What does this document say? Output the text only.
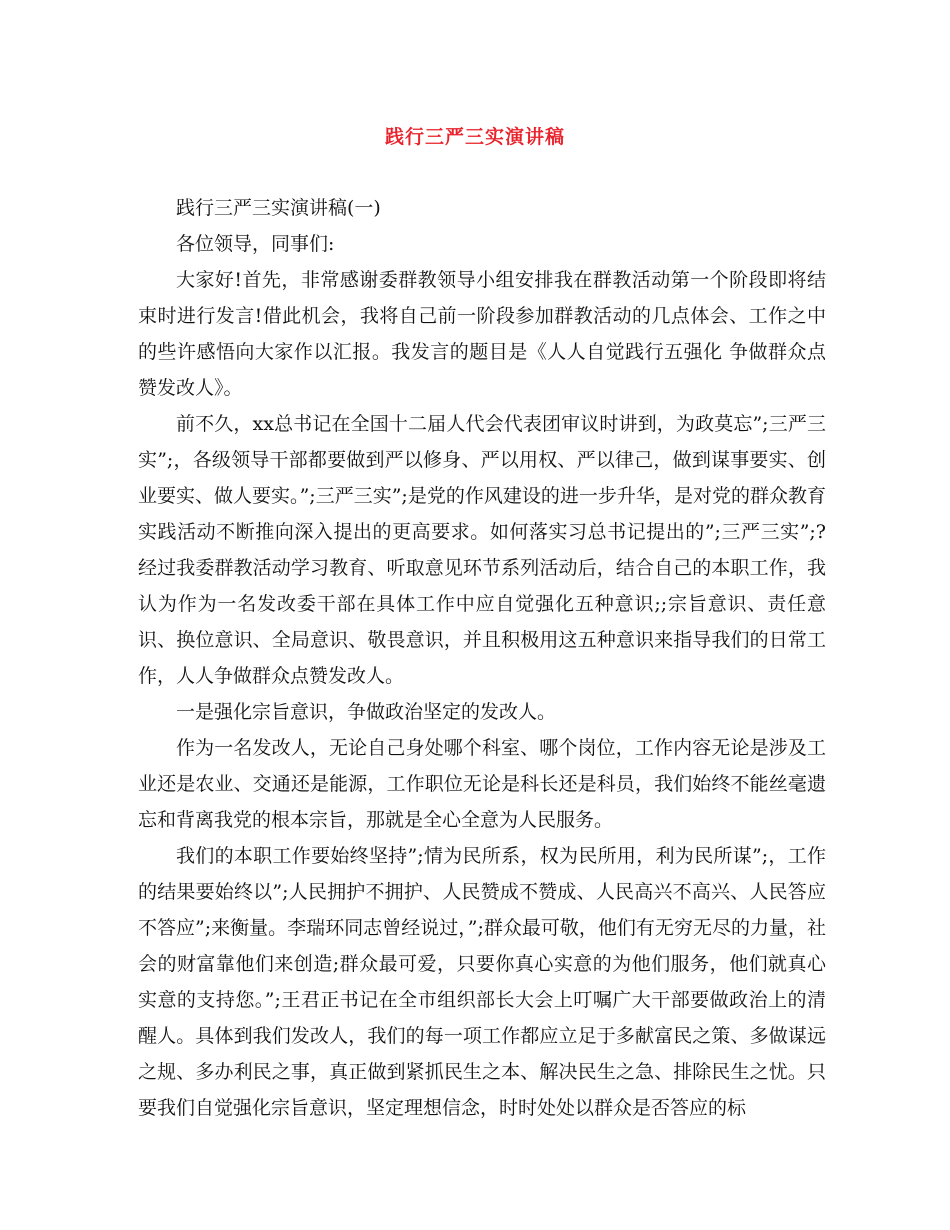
践行三严三实演讲稿

践行三严三实演讲稿(一)

各位领导，同事们:

大家好!首先，非常感谢委群教领导小组安排我在群教活动第一个阶段即将结束时进行发言!借此机会，我将自己前一阶段参加群教活动的几点体会、工作之中的些许感悟向大家作以汇报。我发言的题目是《人人自觉践行五强化 争做群众点赞发改人》。

前不久，xx总书记在全国十二届人代会代表团审议时讲到，为政莫忘”;三严三实”;，各级领导干部都要做到严以修身、严以用权、严以律己，做到谋事要实、创业要实、做人要实。”;三严三实”;是党的作风建设的进一步升华，是对党的群众教育实践活动不断推向深入提出的更高要求。如何落实习总书记提出的”;三严三实”;?经过我委群教活动学习教育、听取意见环节系列活动后，结合自己的本职工作，我认为作为一名发改委干部在具体工作中应自觉强化五种意识;;宗旨意识、责任意识、换位意识、全局意识、敬畏意识，并且积极用这五种意识来指导我们的日常工作，人人争做群众点赞发改人。

一是强化宗旨意识，争做政治坚定的发改人。

作为一名发改人，无论自己身处哪个科室、哪个岗位，工作内容无论是涉及工业还是农业、交通还是能源，工作职位无论是科长还是科员，我们始终不能丝毫遗忘和背离我党的根本宗旨，那就是全心全意为人民服务。

我们的本职工作要始终坚持”;情为民所系，权为民所用，利为民所谋”;，工作的结果要始终以”;人民拥护不拥护、人民赞成不赞成、人民高兴不高兴、人民答应不答应”;来衡量。李瑞环同志曾经说过，”;群众最可敬，他们有无穷无尽的力量，社会的财富靠他们来创造;群众最可爱，只要你真心实意的为他们服务，他们就真心实意的支持您。”;王君正书记在全市组织部长大会上叮嘱广大干部要做政治上的清醒人。具体到我们发改人，我们的每一项工作都应立足于多献富民之策、多做谋远之规、多办利民之事，真正做到紧抓民生之本、解决民生之急、排除民生之忧。只要我们自觉强化宗旨意识，坚定理想信念，时时处处以群众是否答应的标
